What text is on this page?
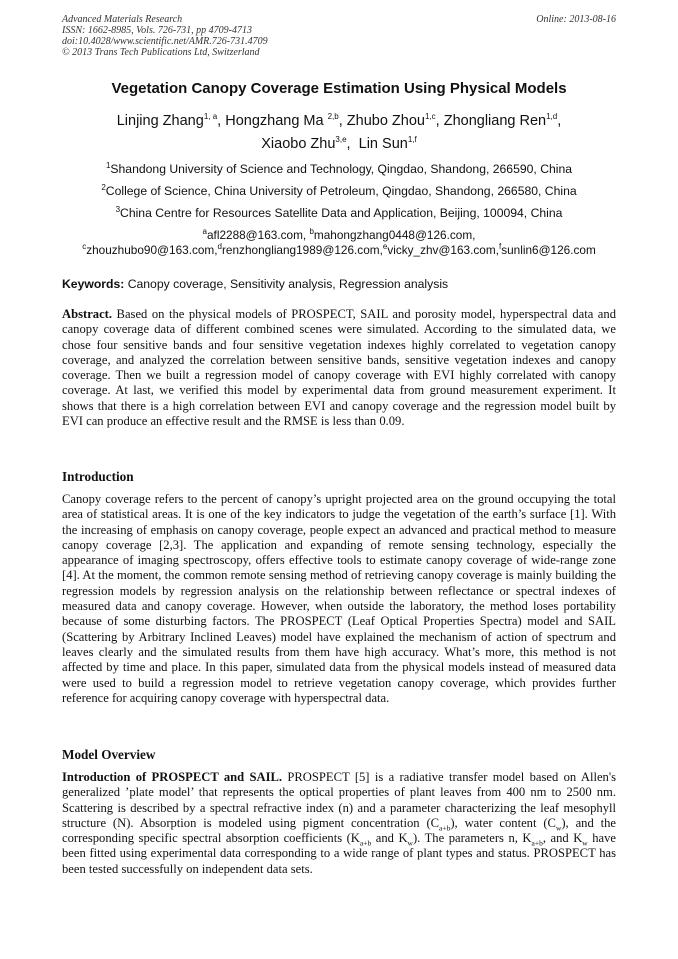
Advanced Materials Research
ISSN: 1662-8985, Vols. 726-731, pp 4709-4713
doi:10.4028/www.scientific.net/AMR.726-731.4709
© 2013 Trans Tech Publications Ltd, Switzerland
Online: 2013-08-16
Vegetation Canopy Coverage Estimation Using Physical Models
Linjing Zhang$^{1, a}$, Hongzhang Ma $^{2,b}$, Zhubo Zhou$^{1,c}$, Zhongliang Ren$^{1,d}$,
Xiaobo Zhu$^{3,e}$,  Lin Sun$^{1,f}$
$^1$Shandong University of Science and Technology, Qingdao, Shandong, 266590, China
$^2$College of Science, China University of Petroleum, Qingdao, Shandong, 266580, China
$^3$China Centre for Resources Satellite Data and Application, Beijing, 100094, China
$^a$afl2288@163.com, $^b$mahongzhang0448@126.com,
$^c$zhouzhubo90@163.com,$^d$renzhongliang1989@126.com,$^e$vicky_zhv@163.com,$^f$sunlin6@126.com
Keywords: Canopy coverage, Sensitivity analysis, Regression analysis
Abstract. Based on the physical models of PROSPECT, SAIL and porosity model, hyperspectral data and canopy coverage data of different combined scenes were simulated. According to the simulated data, we chose four sensitive bands and four sensitive vegetation indexes highly correlated to vegetation canopy coverage, and analyzed the correlation between sensitive bands, sensitive vegetation indexes and canopy coverage. Then we built a regression model of canopy coverage with EVI highly correlated with canopy coverage. At last, we verified this model by experimental data from ground measurement experiment. It shows that there is a high correlation between EVI and canopy coverage and the regression model built by EVI can produce an effective result and the RMSE is less than 0.09.
Introduction
Canopy coverage refers to the percent of canopy’s upright projected area on the ground occupying the total area of statistical areas. It is one of the key indicators to judge the vegetation of the earth’s surface [1]. With the increasing of emphasis on canopy coverage, people expect an advanced and practical method to measure canopy coverage [2,3]. The application and expanding of remote sensing technology, especially the appearance of imaging spectroscopy, offers effective tools to estimate canopy coverage of wide-range zone [4]. At the moment, the common remote sensing method of retrieving canopy coverage is mainly building the regression models by regression analysis on the relationship between reflectance or spectral indexes of measured data and canopy coverage. However, when outside the laboratory, the method loses portability because of some disturbing factors. The PROSPECT (Leaf Optical Properties Spectra) model and SAIL (Scattering by Arbitrary Inclined Leaves) model have explained the mechanism of action of spectrum and leaves clearly and the simulated results from them have high accuracy. What’s more, this method is not affected by time and place. In this paper, simulated data from the physical models instead of measured data were used to build a regression model to retrieve vegetation canopy coverage, which provides further reference for acquiring canopy coverage with hyperspectral data.
Model Overview
Introduction of PROSPECT and SAIL. PROSPECT [5] is a radiative transfer model based on Allen's generalized ’plate model’ that represents the optical properties of plant leaves from 400 nm to 2500 nm. Scattering is described by a spectral refractive index (n) and a parameter characterizing the leaf mesophyll structure (N). Absorption is modeled using pigment concentration $(C_{a+b})$, water content $(C_w)$, and the corresponding specific spectral absorption coefficients ($K_{a+b}$ and $K_w$). The parameters n, $K_{a+b}$, and $K_w$ have been fitted using experimental data corresponding to a wide range of plant types and status. PROSPECT has been tested successfully on independent data sets.
